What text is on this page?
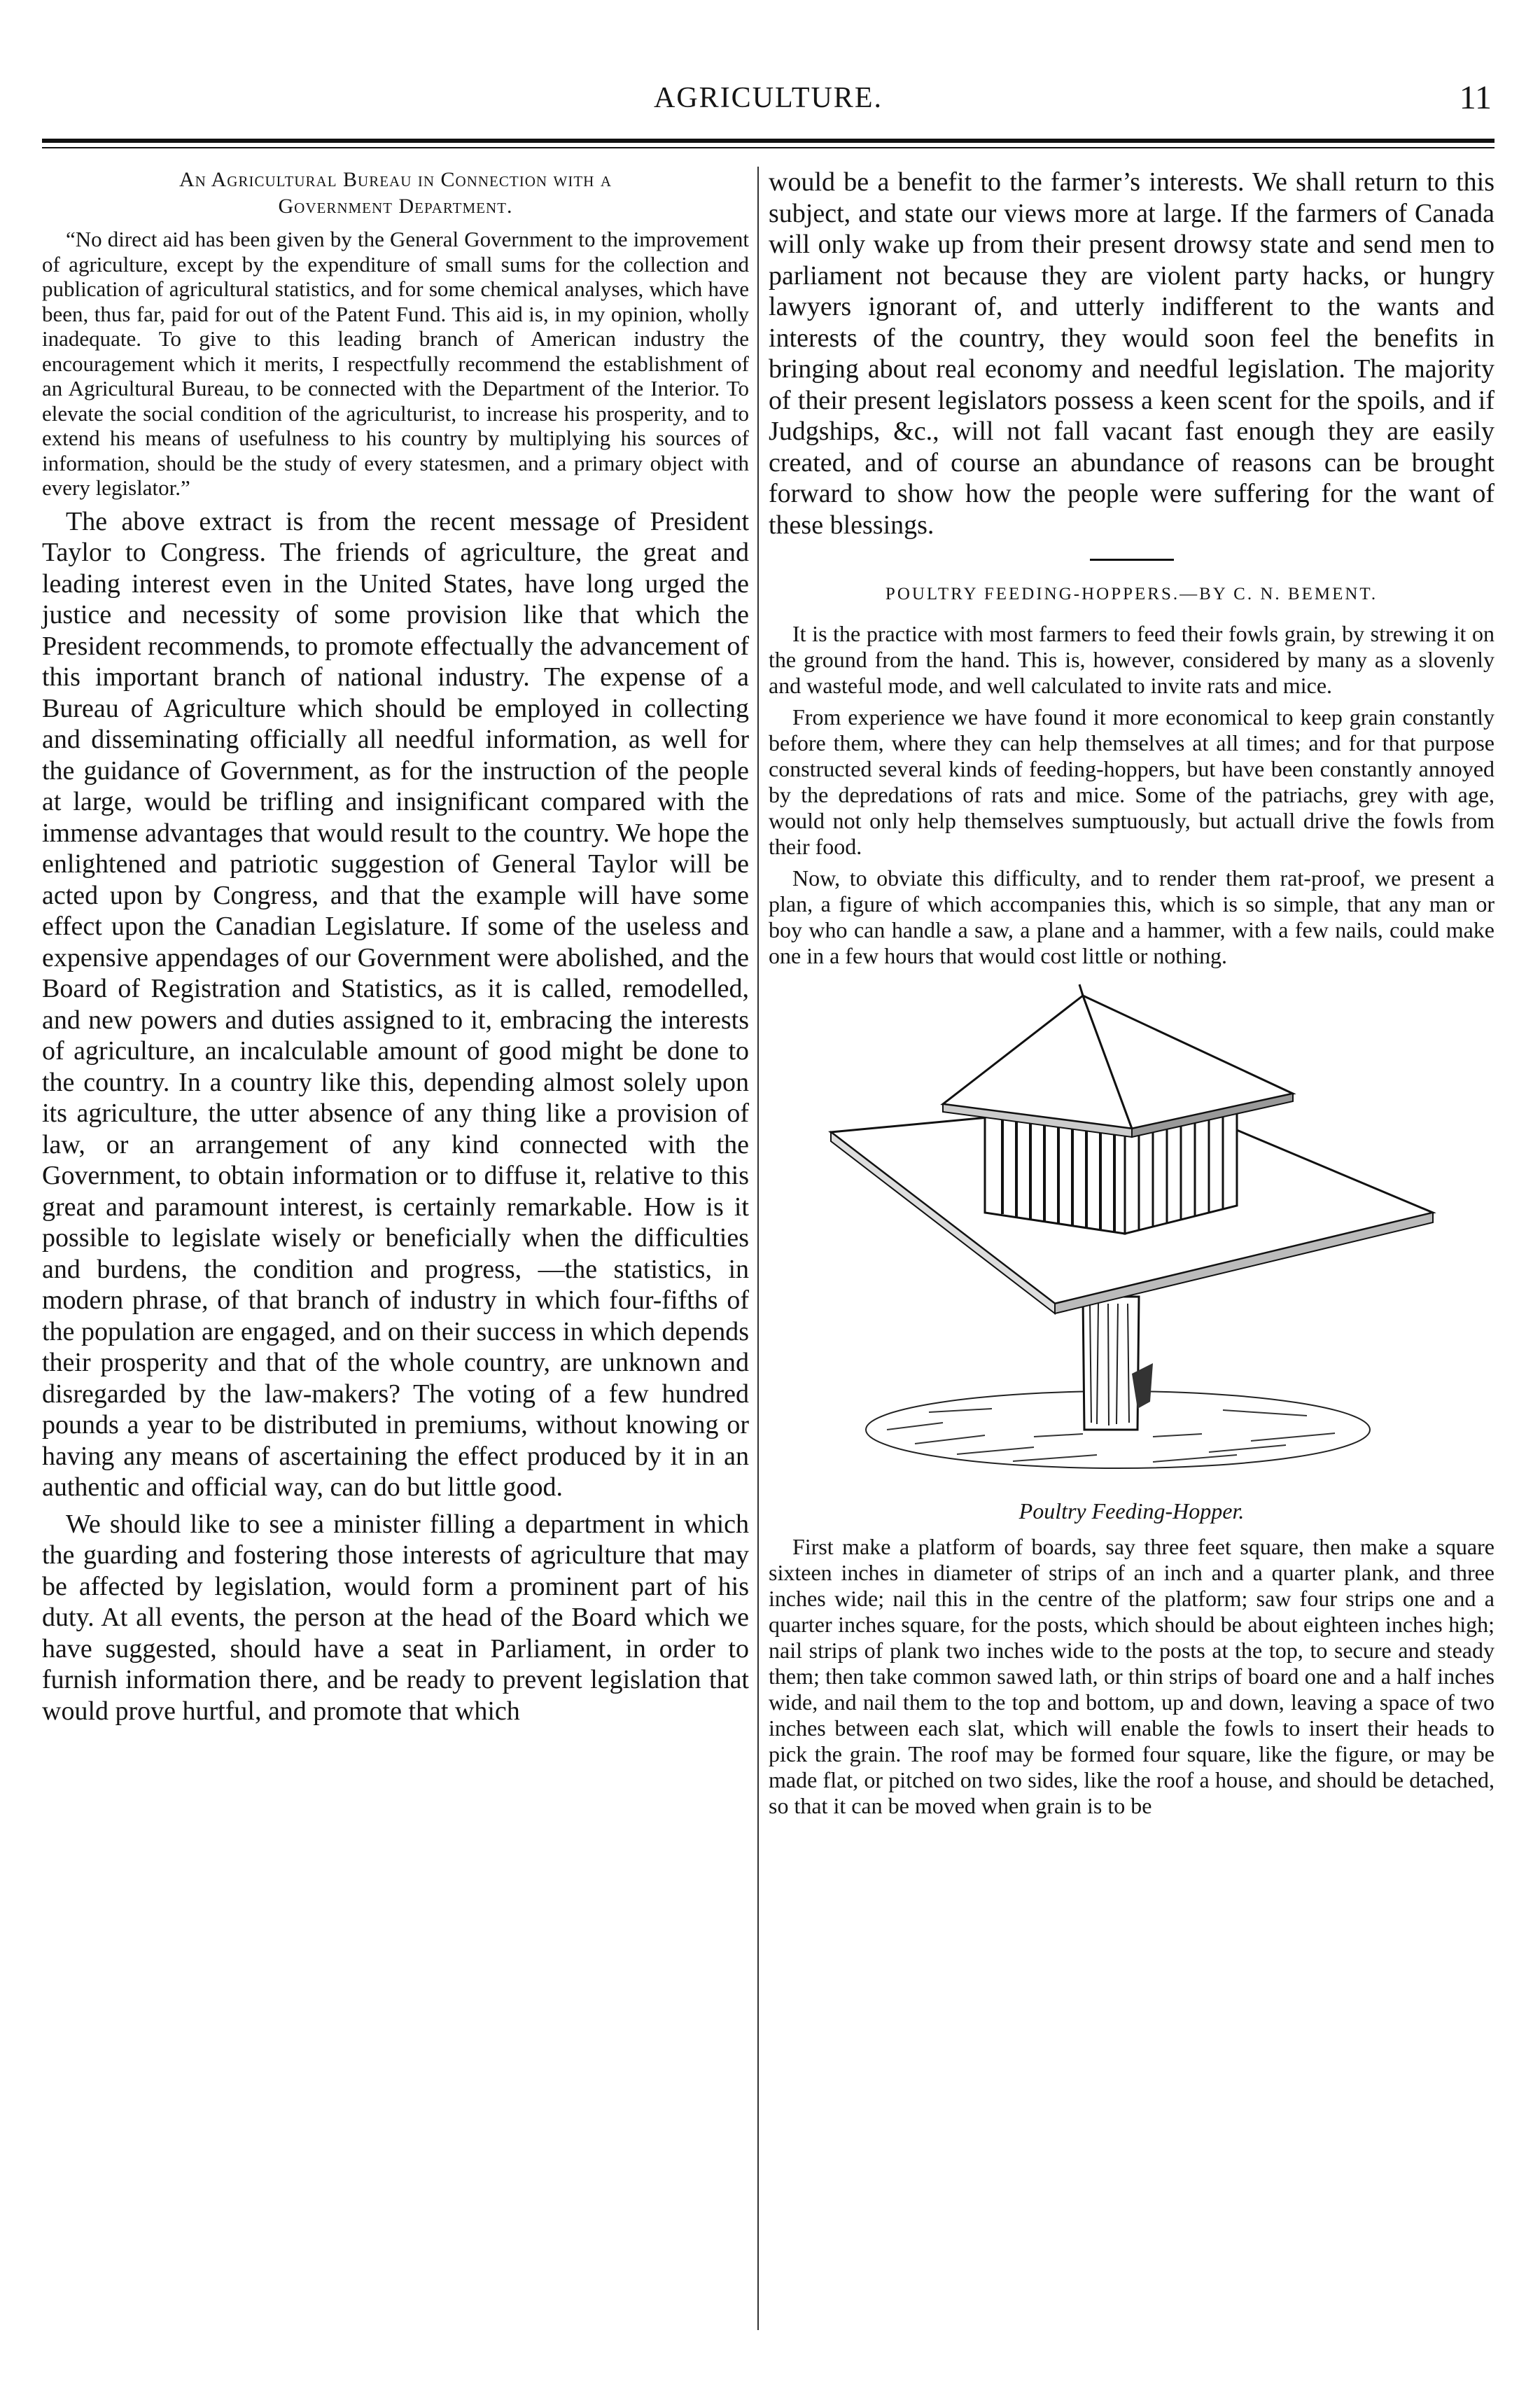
AGRICULTURE.	11
An Agricultural Bureau in Connection with a
Government Department.

“No direct aid has been given by the General Government to the improvement of agriculture, except by the expenditure of small sums for the collection and publication of agricultural statistics, and for some chemical analyses, which have been, thus far, paid for out of the Patent Fund. This aid is, in my opinion, wholly inadequate. To give to this leading branch of American industry the encouragement which it merits, I respectfully recommend the establishment of an Agricultural Bureau, to be connected with the Department of the Interior. To elevate the social condition of the agriculturist, to increase his prosperity, and to extend his means of usefulness to his country by multiplying his sources of information, should be the study of every statesmen, and a primary object with every legislator.”

The above extract is from the recent message of President Taylor to Congress. The friends of agriculture, the great and leading interest even in the United States, have long urged the justice and necessity of some provision like that which the President recommends, to promote effectually the advancement of this important branch of national industry. The expense of a Bureau of Agriculture which should be employed in collecting and disseminating officially all needful information, as well for the guidance of Government, as for the instruction of the people at large, would be trifling and insignificant compared with the immense advantages that would result to the country. We hope the enlightened and patriotic suggestion of General Taylor will be acted upon by Congress, and that the example will have some effect upon the Canadian Legislature. If some of the useless and expensive appendages of our Government were abolished, and the Board of Registration and Statistics, as it is called, remodelled, and new powers and duties assigned to it, embracing the interests of agriculture, an incalculable amount of good might be done to the country. In a country like this, depending almost solely upon its agriculture, the utter absence of any thing like a provision of law, or an arrangement of any kind connected with the Government, to obtain information or to diffuse it, relative to this great and paramount interest, is certainly remarkable. How is it possible to legislate wisely or beneficially when the difficulties and burdens, the condition and progress, —the statistics, in modern phrase, of that branch of industry in which four-fifths of the population are engaged, and on their success in which depends their prosperity and that of the whole country, are unknown and disregarded by the law-makers? The voting of a few hundred pounds a year to be distributed in premiums, without knowing or having any means of ascertaining the effect produced by it in an authentic and official way, can do but little good.

We should like to see a minister filling a department in which the guarding and fostering those interests of agriculture that may be affected by legislation, would form a prominent part of his duty. At all events, the person at the head of the Board which we have suggested, should have a seat in Parliament, in order to furnish information there, and be ready to prevent legislation that would prove hurtful, and promote that which

would be a benefit to the farmer’s interests. We shall return to this subject, and state our views more at large. If the farmers of Canada will only wake up from their present drowsy state and send men to parliament not because they are violent party hacks, or hungry lawyers ignorant of, and utterly indifferent to the wants and interests of the country, they would soon feel the benefits in bringing about real economy and needful legislation. The majority of their present legislators possess a keen scent for the spoils, and if Judgships, &c., will not fall vacant fast enough they are easily created, and of course an abundance of reasons can be brought forward to show how the people were suffering for the want of these blessings.

POULTRY FEEDING-HOPPERS.—BY C. N. BEMENT.

It is the practice with most farmers to feed their fowls grain, by strewing it on the ground from the hand. This is, however, considered by many as a slovenly and wasteful mode, and well calculated to invite rats and mice.

From experience we have found it more economical to keep grain constantly before them, where they can help themselves at all times; and for that purpose constructed several kinds of feeding-hoppers, but have been constantly annoyed by the depredations of rats and mice. Some of the patriachs, grey with age, would not only help themselves sumptuously, but actuall drive the fowls from their food.

Now, to obviate this difficulty, and to render them rat-proof, we present a plan, a figure of which accompanies this, which is so simple, that any man or boy who can handle a saw, a plane and a hammer, with a few nails, could make one in a few hours that would cost little or nothing.

Poultry Feeding-Hopper.

First make a platform of boards, say three feet square, then make a square sixteen inches in diameter of strips of an inch and a quarter plank, and three inches wide; nail this in the centre of the platform; saw four strips one and a quarter inches square, for the posts, which should be about eighteen inches high; nail strips of plank two inches wide to the posts at the top, to secure and steady them; then take common sawed lath, or thin strips of board one and a half inches wide, and nail them to the top and bottom, up and down, leaving a space of two inches between each slat, which will enable the fowls to insert their heads to pick the grain. The roof may be formed four square, like the figure, or may be made flat, or pitched on two sides, like the roof a house, and should be detached, so that it can be moved when grain is to be
